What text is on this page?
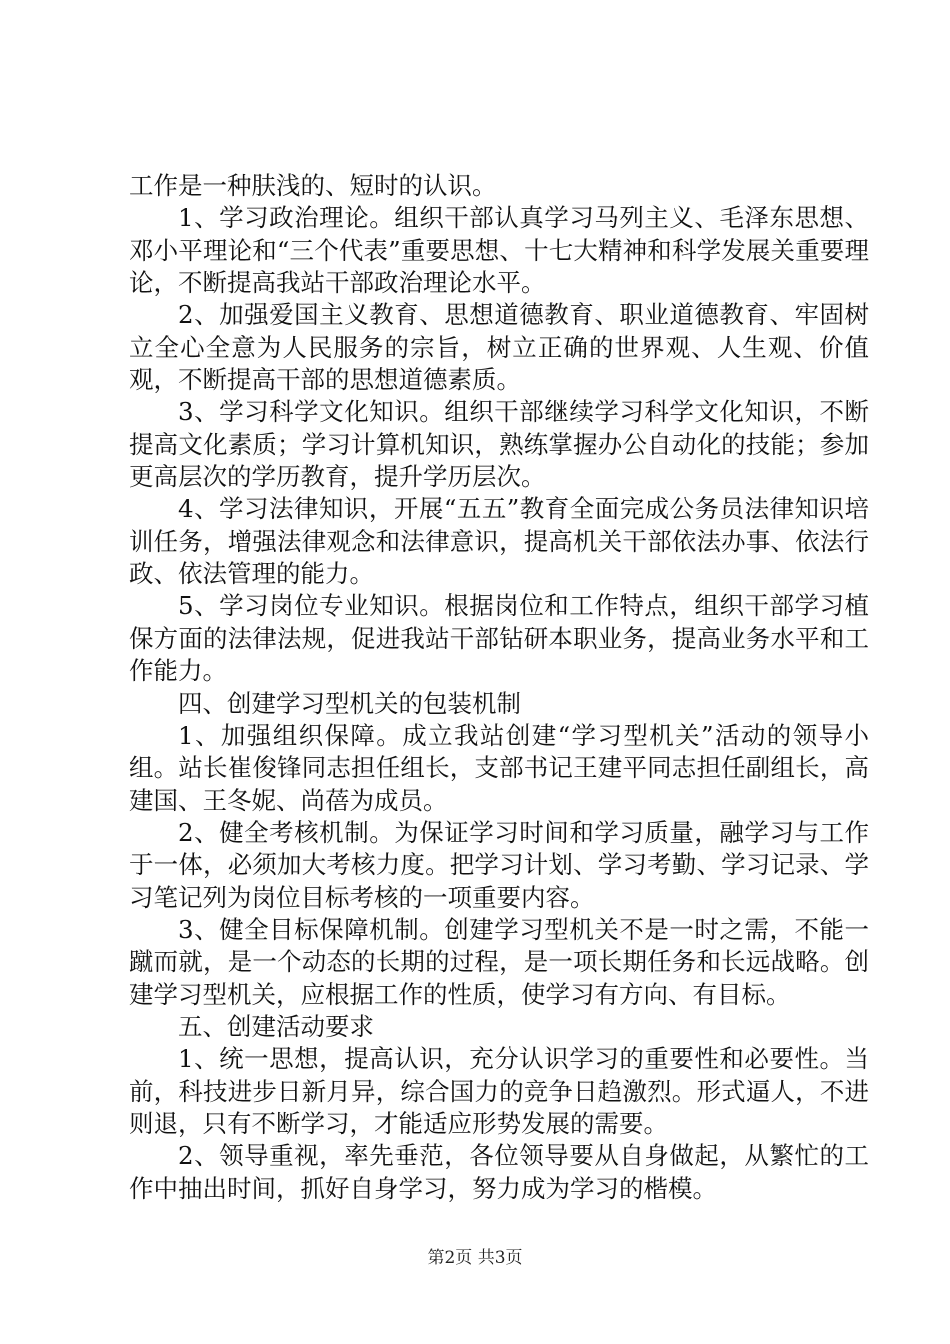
工作是一种肤浅的、短时的认识。

1、学习政治理论。组织干部认真学习马列主义、毛泽东思想、邓小平理论和“三个代表”重要思想、十七大精神和科学发展关重要理论，不断提高我站干部政治理论水平。

2、加强爱国主义教育、思想道德教育、职业道德教育、牢固树立全心全意为人民服务的宗旨，树立正确的世界观、人生观、价值观，不断提高干部的思想道德素质。

3、学习科学文化知识。组织干部继续学习科学文化知识，不断提高文化素质；学习计算机知识，熟练掌握办公自动化的技能；参加更高层次的学历教育，提升学历层次。

4、学习法律知识，开展“五五”教育全面完成公务员法律知识培训任务，增强法律观念和法律意识，提高机关干部依法办事、依法行政、依法管理的能力。

5、学习岗位专业知识。根据岗位和工作特点，组织干部学习植保方面的法律法规，促进我站干部钻研本职业务，提高业务水平和工作能力。

四、创建学习型机关的包装机制

1、加强组织保障。成立我站创建“学习型机关”活动的领导小组。站长崔俊锋同志担任组长，支部书记王建平同志担任副组长，高建国、王冬妮、尚蓓为成员。

2、健全考核机制。为保证学习时间和学习质量，融学习与工作于一体，必须加大考核力度。把学习计划、学习考勤、学习记录、学习笔记列为岗位目标考核的一项重要内容。

3、健全目标保障机制。创建学习型机关不是一时之需，不能一蹴而就，是一个动态的长期的过程，是一项长期任务和长远战略。创建学习型机关，应根据工作的性质，使学习有方向、有目标。

五、创建活动要求

1、统一思想，提高认识，充分认识学习的重要性和必要性。当前，科技进步日新月异，综合国力的竞争日趋激烈。形式逼人，不进则退，只有不断学习，才能适应形势发展的需要。

2、领导重视，率先垂范，各位领导要从自身做起，从繁忙的工作中抽出时间，抓好自身学习，努力成为学习的楷模。

第2页 共3页
